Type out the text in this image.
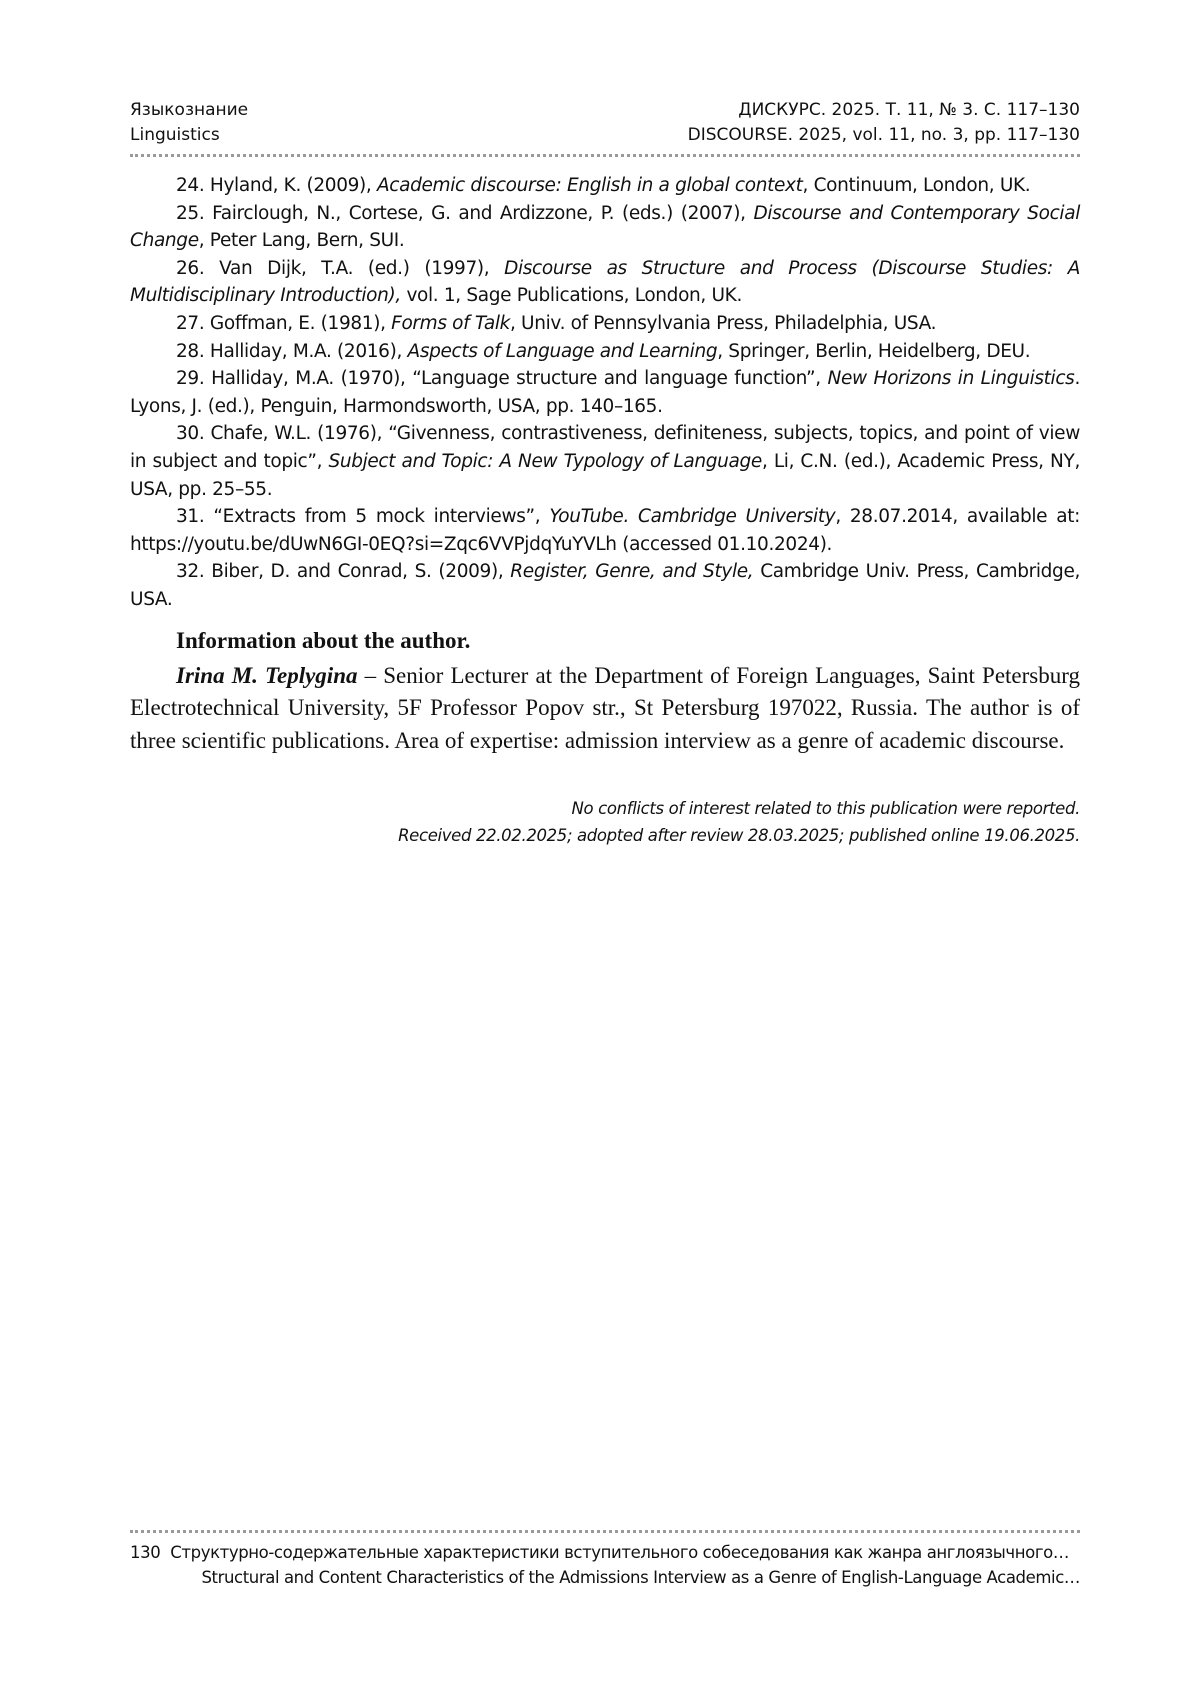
Языкознание	ДИСКУРС. 2025. Т. 11, № 3. С. 117–130
Linguistics	DISCOURSE. 2025, vol. 11, no. 3, pp. 117–130

24. Hyland, K. (2009), Academic discourse: English in a global context, Continuum, London, UK.

25. Fairclough, N., Cortese, G. and Ardizzone, P. (eds.) (2007), Discourse and Contemporary Social Change, Peter Lang, Bern, SUI.

26. Van Dijk, T.A. (ed.) (1997), Discourse as Structure and Process (Discourse Studies: A Multidisciplinary Introduction), vol. 1, Sage Publications, London, UK.

27. Goffman, E. (1981), Forms of Talk, Univ. of Pennsylvania Press, Philadelphia, USA.

28. Halliday, M.A. (2016), Aspects of Language and Learning, Springer, Berlin, Heidelberg, DEU.

29. Halliday, M.A. (1970), “Language structure and language function”, New Horizons in Linguistics. Lyons, J. (ed.), Penguin, Harmondsworth, USA, pp. 140–165.

30. Chafe, W.L. (1976), “Givenness, contrastiveness, definiteness, subjects, topics, and point of view in subject and topic”, Subject and Topic: A New Typology of Language, Li, C.N. (ed.), Academic Press, NY, USA, pp. 25–55.

31. “Extracts from 5 mock interviews”, YouTube. Cambridge University, 28.07.2014, available at: https://youtu.be/dUwN6GI-0EQ?si=Zqc6VVPjdqYuYVLh (accessed 01.10.2024).

32. Biber, D. and Conrad, S. (2009), Register, Genre, and Style, Cambridge Univ. Press, Cambridge, USA.

Information about the author.

Irina M. Teplygina – Senior Lecturer at the Department of Foreign Languages, Saint Petersburg Electrotechnical University, 5F Professor Popov str., St Petersburg 197022, Russia. The author is of three scientific publications. Area of expertise: admission interview as a genre of academic discourse.

No conflicts of interest related to this publication were reported.
Received 22.02.2025; adopted after review 28.03.2025; published online 19.06.2025.
130 Структурно-содержательные характеристики вступительного собеседования как жанра англоязычного…
Structural and Content Characteristics of the Admissions Interview as a Genre of English-Language Academic…
